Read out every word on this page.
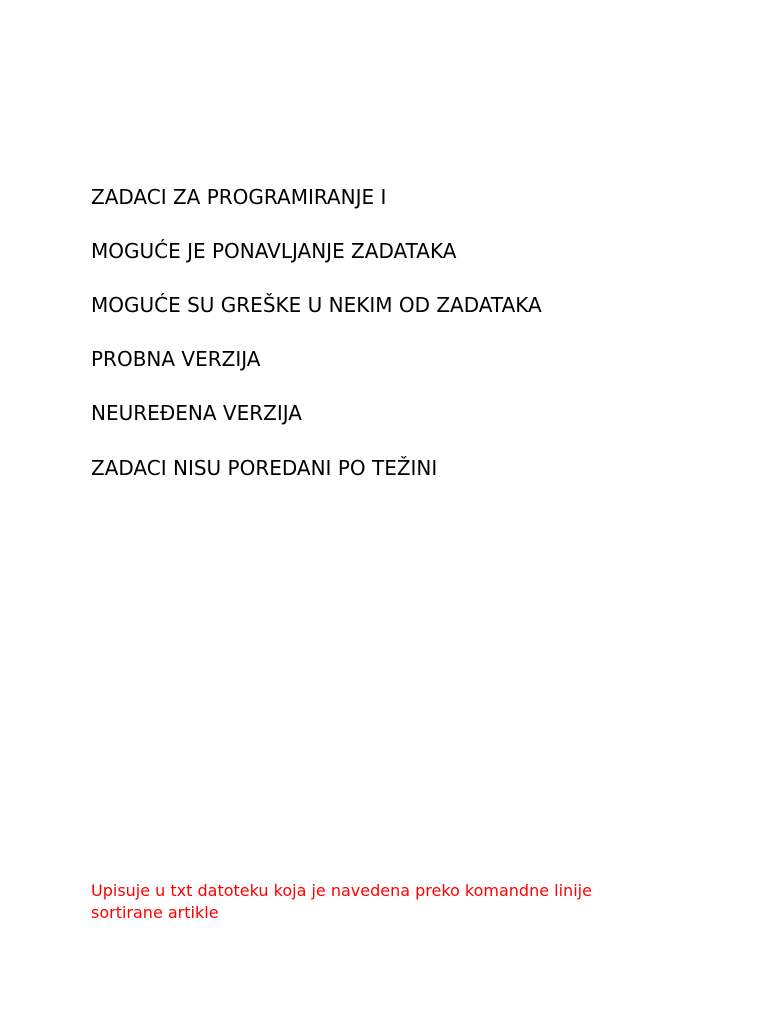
ZADACI ZA PROGRAMIRANJE I

MOGUĆE JE PONAVLJANJE ZADATAKA

MOGUĆE SU GREŠKE U NEKIM OD ZADATAKA

PROBNA VERZIJA

NEUREĐENA VERZIJA

ZADACI NISU POREDANI PO TEŽINI

Upisuje u txt datoteku koja je navedena preko komandne linije
sortirane artikle
